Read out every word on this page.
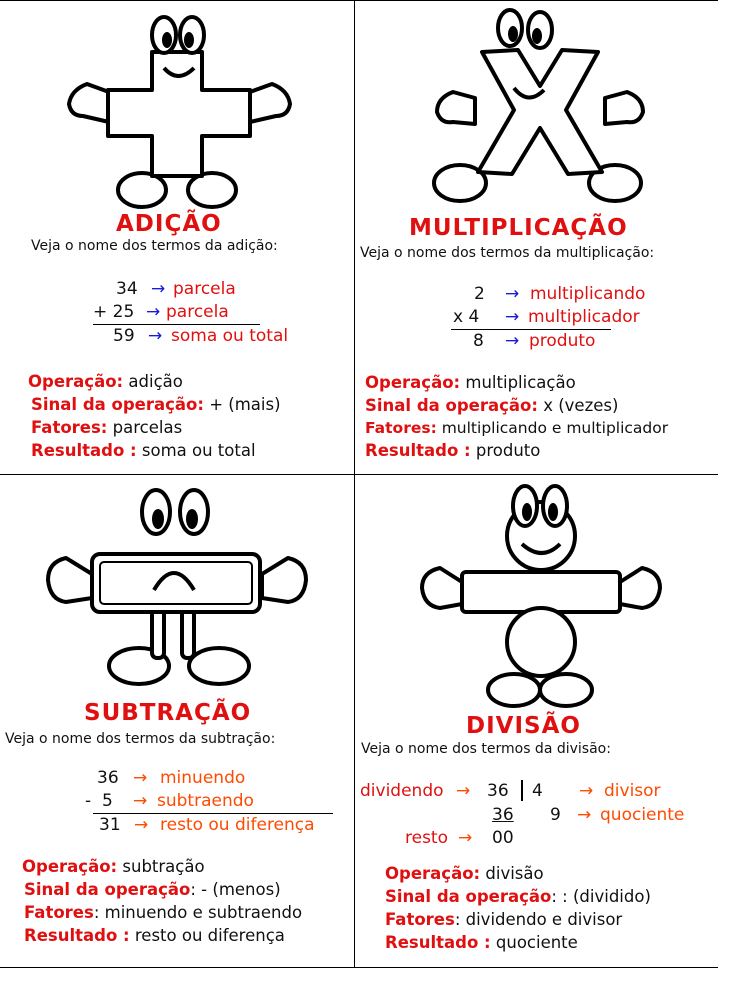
ADIÇÃO
Veja o nome dos termos da adição:
34 → parcela
+ 25 → parcela
59 → soma ou total
Operação: adição
Sinal da operação: + (mais)
Fatores: parcelas
Resultado : soma ou total
MULTIPLICAÇÃO
Veja o nome dos termos da multiplicação:
2 → multiplicando
x 4 → multiplicador
8 → produto
Operação: multiplicação
Sinal da operação: x (vezes)
Fatores: multiplicando e multiplicador
Resultado : produto
SUBTRAÇÃO
Veja o nome dos termos da subtração:
36 → minuendo
-  5 → subtraendo
31 → resto ou diferença
Operação: subtração
Sinal da operação: - (menos)
Fatores: minuendo e subtraendo
Resultado : resto ou diferença
DIVISÃO
Veja o nome dos termos da divisão:
dividendo → 36 4 → divisor
36 9 → quociente
resto → 00
Operação: divisão
Sinal da operação: : (dividido)
Fatores: dividendo e divisor
Resultado : quociente
